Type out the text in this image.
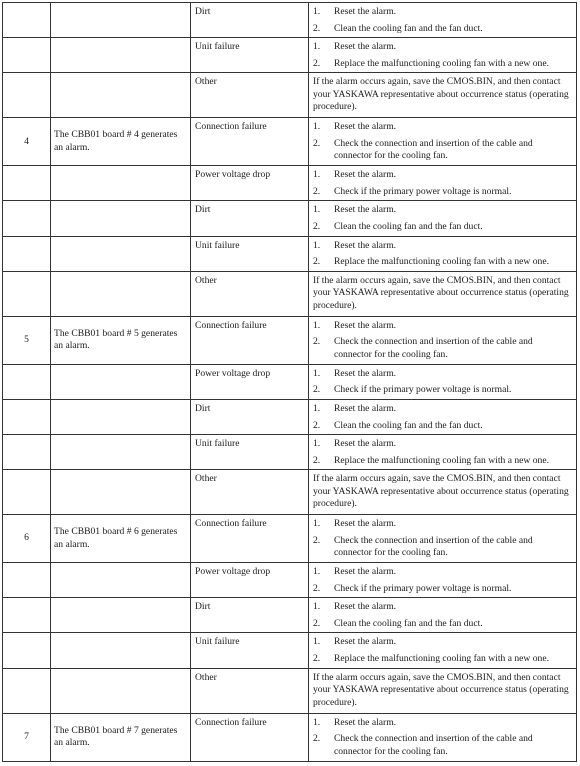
		Dirt	1. Reset the alarm.
2. Clean the cooling fan and the fan duct.

		Unit failure	1. Reset the alarm.
2. Replace the malfunctioning cooling fan with a new one.

		Other	If the alarm occurs again, save the CMOS.BIN, and then contact your YASKAWA representative about occurrence status (operating procedure).

4	The CBB01 board # 4 generates an alarm.	Connection failure	1. Reset the alarm.
2. Check the connection and insertion of the cable and connector for the cooling fan.

		Power voltage drop	1. Reset the alarm.
2. Check if the primary power voltage is normal.

		Dirt	1. Reset the alarm.
2. Clean the cooling fan and the fan duct.

		Unit failure	1. Reset the alarm.
2. Replace the malfunctioning cooling fan with a new one.

		Other	If the alarm occurs again, save the CMOS.BIN, and then contact your YASKAWA representative about occurrence status (operating procedure).

5	The CBB01 board # 5 generates an alarm.	Connection failure	1. Reset the alarm.
2. Check the connection and insertion of the cable and connector for the cooling fan.

		Power voltage drop	1. Reset the alarm.
2. Check if the primary power voltage is normal.

		Dirt	1. Reset the alarm.
2. Clean the cooling fan and the fan duct.

		Unit failure	1. Reset the alarm.
2. Replace the malfunctioning cooling fan with a new one.

		Other	If the alarm occurs again, save the CMOS.BIN, and then contact your YASKAWA representative about occurrence status (operating procedure).

6	The CBB01 board # 6 generates an alarm.	Connection failure	1. Reset the alarm.
2. Check the connection and insertion of the cable and connector for the cooling fan.

		Power voltage drop	1. Reset the alarm.
2. Check if the primary power voltage is normal.

		Dirt	1. Reset the alarm.
2. Clean the cooling fan and the fan duct.

		Unit failure	1. Reset the alarm.
2. Replace the malfunctioning cooling fan with a new one.

		Other	If the alarm occurs again, save the CMOS.BIN, and then contact your YASKAWA representative about occurrence status (operating procedure).

7	The CBB01 board # 7 generates an alarm.	Connection failure	1. Reset the alarm.
2. Check the connection and insertion of the cable and connector for the cooling fan.
